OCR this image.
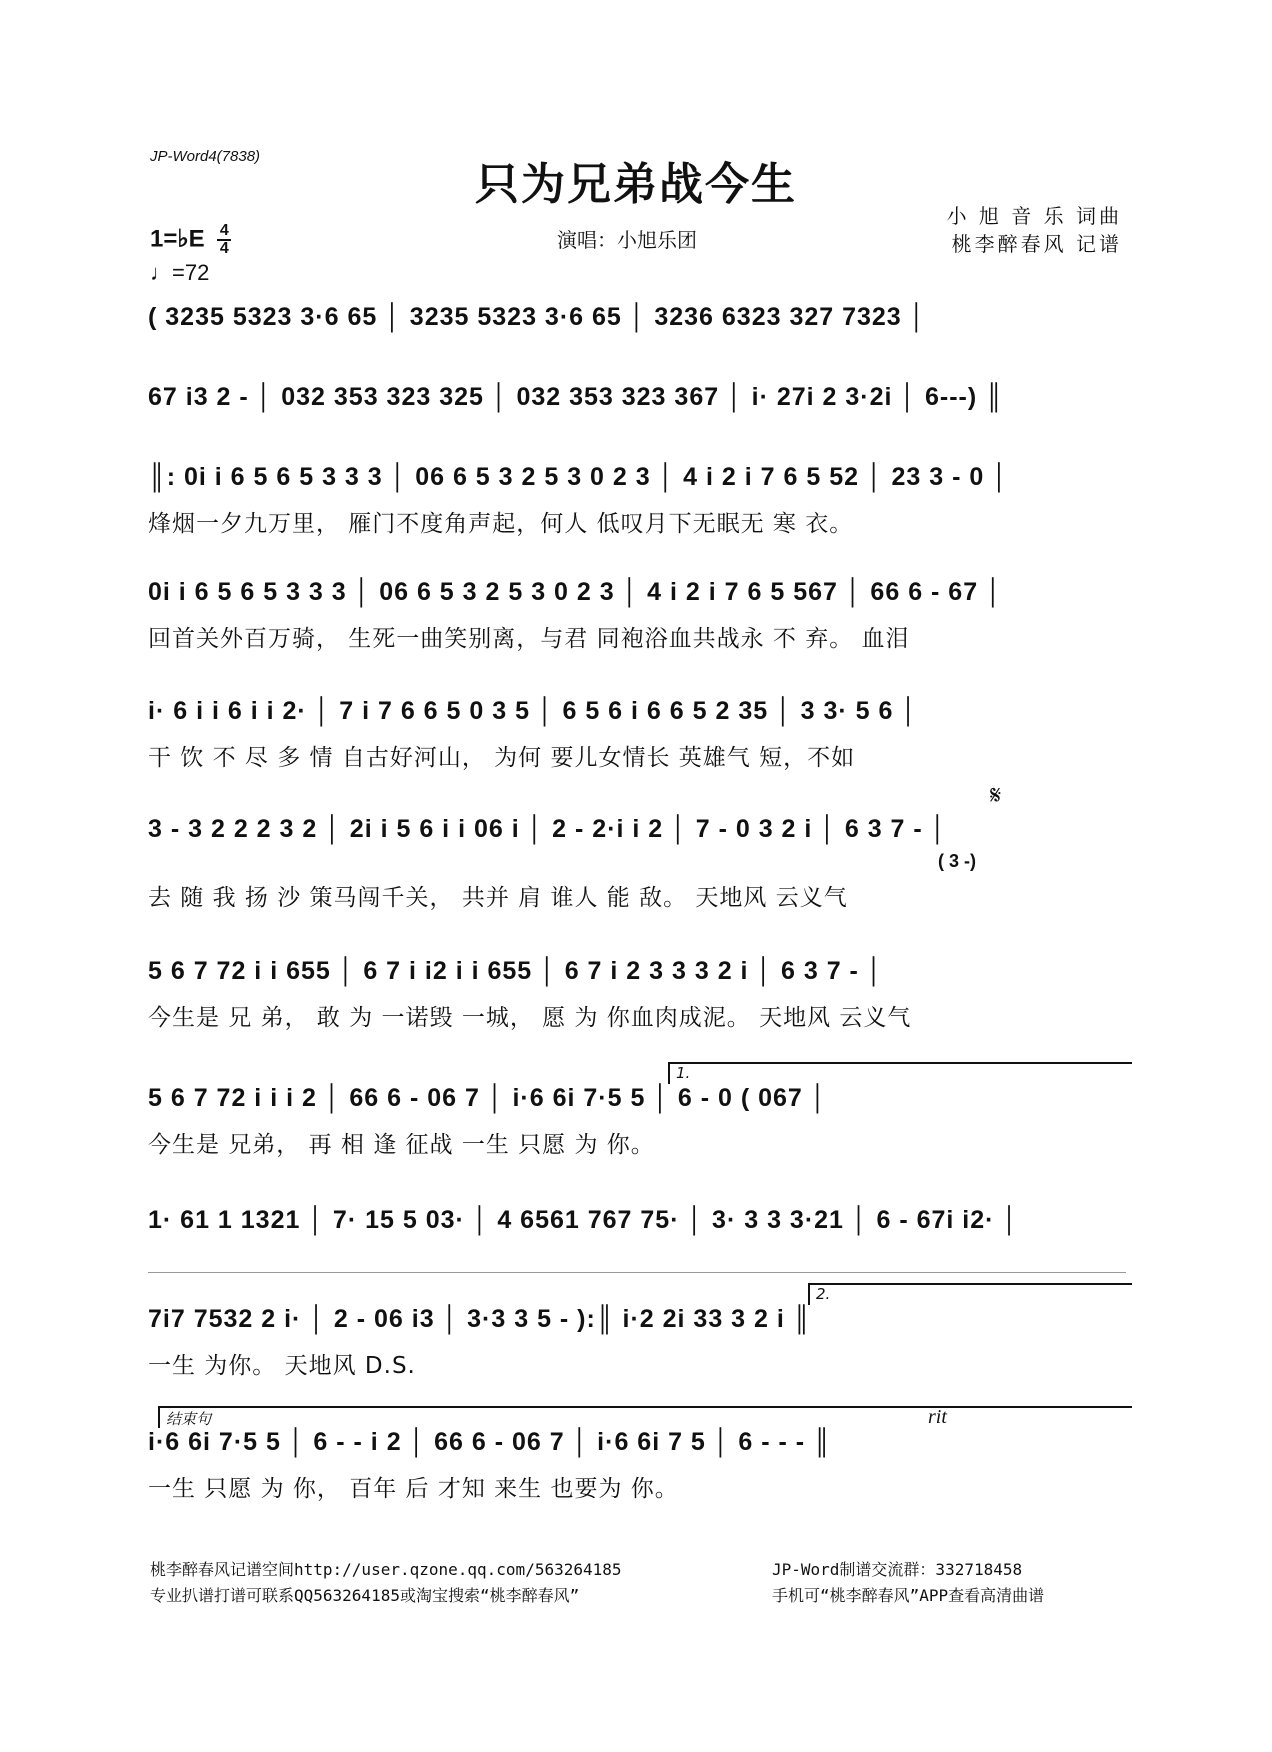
JP-Word4(7838)
只为兄弟战今生
1=♭E $\frac{4}{4}$
♩=72
演唱：小旭乐团
小 旭 音 乐 词曲
桃李醉春风 记谱
( 3235 5323 3·6 65 │ 3235 5323 3·6 65 │ 3236 6323 327 7323 │
67 i3 2 - │ 032 353 323 325 │ 032 353 323 367 │ i· 27i 2 3·2i │ 6---) ║
║: 0i i 6 5 6 5 3 3 3 │ 06 6 5 3 2 5 3 0 2 3 │ 4 i 2 i 7 6 5 52 │ 23 3 - 0 │
烽烟一夕九万里， 雁门不度角声起，何人 低叹月下无眠无 寒 衣。
0i i 6 5 6 5 3 3 3 │ 06 6 5 3 2 5 3 0 2 3 │ 4 i 2 i 7 6 5 567 │ 66 6 - 67 │
回首关外百万骑， 生死一曲笑别离，与君 同袍浴血共战永 不 弃。 血泪
i· 6 i i 6 i i 2· │ 7 i 7 6 6 5 0 3 5 │ 6 5 6 i 6 6 5 2 35 │ 3 3· 5 6 │
干 饮 不 尽 多 情 自古好河山， 为何 要儿女情长 英雄气 短，不如
3 - 3 2 2 2 3 2 │ 2i i 5 6 i i 06 i │ 2 - 2·i i 2 │ 7 - 0 3 2 i │ 6 3 7 - │
( 3 -)
去 随 我 扬 沙 策马闯千关， 共并 肩 谁人 能 敌。 天地风 云义气
𝄋
5 6 7 72 i i 655 │ 6 7 i i2 i i 655 │ 6 7 i 2 3 3 3 2 i │ 6 3 7 - │
今生是 兄 弟， 敢 为 一诺毁 一城， 愿 为 你血肉成泥。 天地风 云义气
1.
5 6 7 72 i i i 2 │ 66 6 - 06 7 │ i·6 6i 7·5 5 │ 6 - 0 ( 067 │
今生是 兄弟， 再 相 逢 征战 一生 只愿 为 你。
1· 61 1 1321 │ 7· 15 5 03· │ 4 6561 767 75· │ 3· 3 3 3·21 │ 6 - 67i i2· │
2.
7i7 7532 2 i· │ 2 - 06 i3 │ 3·3 3 5 - ):║ i·2 2i 33 3 2 i ║
一生 为你。 天地风 D.S.
结束句	rit
i·6 6i 7·5 5 │ 6 - - i 2 │ 66 6 - 06 7 │ i·6 6i 7 5 │ 6 - - - ║
一生 只愿 为 你， 百年 后 才知 来生 也要为 你。
桃李醉春风记谱空间http://user.qzone.qq.com/563264185
专业扒谱打谱可联系QQ563264185或淘宝搜索“桃李醉春风”
JP-Word制谱交流群：332718458
手机可“桃李醉春风”APP查看高清曲谱
